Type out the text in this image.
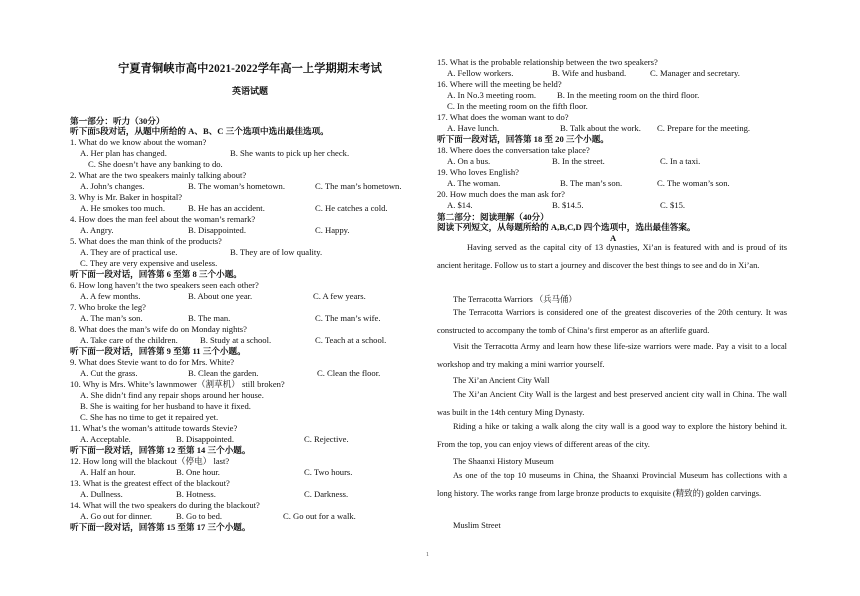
宁夏青铜峡市高中2021-2022学年高一上学期期末考试
英语试题
第一部分：听力（30分）
听下面5段对话，从题中所给的 A、B、C 三个选项中选出最佳选项。
1. What do we know about the woman?
A. Her plan has changed.	B. She wants to pick up her check.
C. She doesn’t have any banking to do.
2. What are the two speakers mainly talking about?
A. John’s changes.	B. The woman’s hometown.	C. The man’s hometown.
3. Why is Mr. Baker in hospital?
A. He smokes too much.	B. He has an accident.	C. He catches a cold.
4. How does the man feel about the woman’s remark?
A. Angry.	B. Disappointed.	C. Happy.
5. What does the man think of the products?
A. They are of practical use.	B. They are of low quality.
C. They are very expensive and useless.
听下面一段对话，回答第 6 至第 8 三个小题。
6. How long haven’t the two speakers seen each other?
A. A few months.	B. About one year.	C. A few years.
7. Who broke the leg?
A. The man’s son.	B. The man.	C. The man’s wife.
8. What does the man’s wife do on Monday nights?
A. Take care of the children.	B. Study at a school.	C. Teach at a school.
听下面一段对话，回答第 9 至第 11 三个小题。
9. What does Stevie want to do for Mrs. White?
A. Cut the grass.	B. Clean the garden.	C. Clean the floor.
10. Why is Mrs. White’s lawnmower（割草机） still broken?
A. She didn’t find any repair shops around her house.
B. She is waiting for her husband to have it fixed.
C. She has no time to get it repaired yet.
11. What’s the woman’s attitude towards Stevie?
A. Acceptable.	B. Disappointed.	C. Rejective.
听下面一段对话，回答第 12 至第 14 三个小题。
12. How long will the blackout（停电） last?
A. Half an hour.	B. One hour.	C. Two hours.
13. What is the greatest effect of the blackout?
A. Dullness.	B. Hotness.	C. Darkness.
14. What will the two speakers do during the blackout?
A. Go out for dinner.	B. Go to bed.	C. Go out for a walk.
听下面一段对话，回答第 15 至第 17 三个小题。
15. What is the probable relationship between the two speakers?
A. Fellow workers.	B. Wife and husband.	C. Manager and secretary.
16. Where will the meeting be held?
A. In No.3 meeting room. B. In the meeting room on the third floor.
C. In the meeting room on the fifth floor.
17. What does the woman want to do?
A. Have lunch.	B. Talk about the work. C. Prepare for the meeting.
听下面一段对话，回答第 18 至 20 三个小题。
18. Where does the conversation take place?
A. On a bus.	B. In the street.	C. In a taxi.
19. Who loves English?
A. The woman.	B. The man’s son.	C. The woman’s son.
20. How much does the man ask for?
A. $14.	B. $14.5.	C. $15.
第二部分：阅读理解（40分）
阅读下列短文，从每题所给的 A,B,C,D 四个选项中，选出最佳答案。
A
Having served as the capital city of 13 dynasties, Xi’an is featured with and is proud of its ancient heritage. Follow us to start a journey and discover the best things to see and do in Xi’an.
The Terracotta Warriors （兵马俑）
The Terracotta Warriors is considered one of the greatest discoveries of the 20th century. It was constructed to accompany the tomb of China’s first emperor as an afterlife guard.
Visit the Terracotta Army and learn how these life-size warriors were made. Pay a visit to a local workshop and try making a mini warrior yourself.
The Xi’an Ancient City Wall
The Xi’an Ancient City Wall is the largest and best preserved ancient city wall in China. The wall was built in the 14th century Ming Dynasty.
Riding a hike or taking a walk along the city wall is a good way to explore the history behind it. From the top, you can enjoy views of different areas of the city.
The Shaanxi History Museum
As one of the top 10 museums in China, the Shaanxi Provincial Museum has collections with a long history. The works range from large bronze products to exquisite (精致的) golden carvings.
Muslim Street
1
